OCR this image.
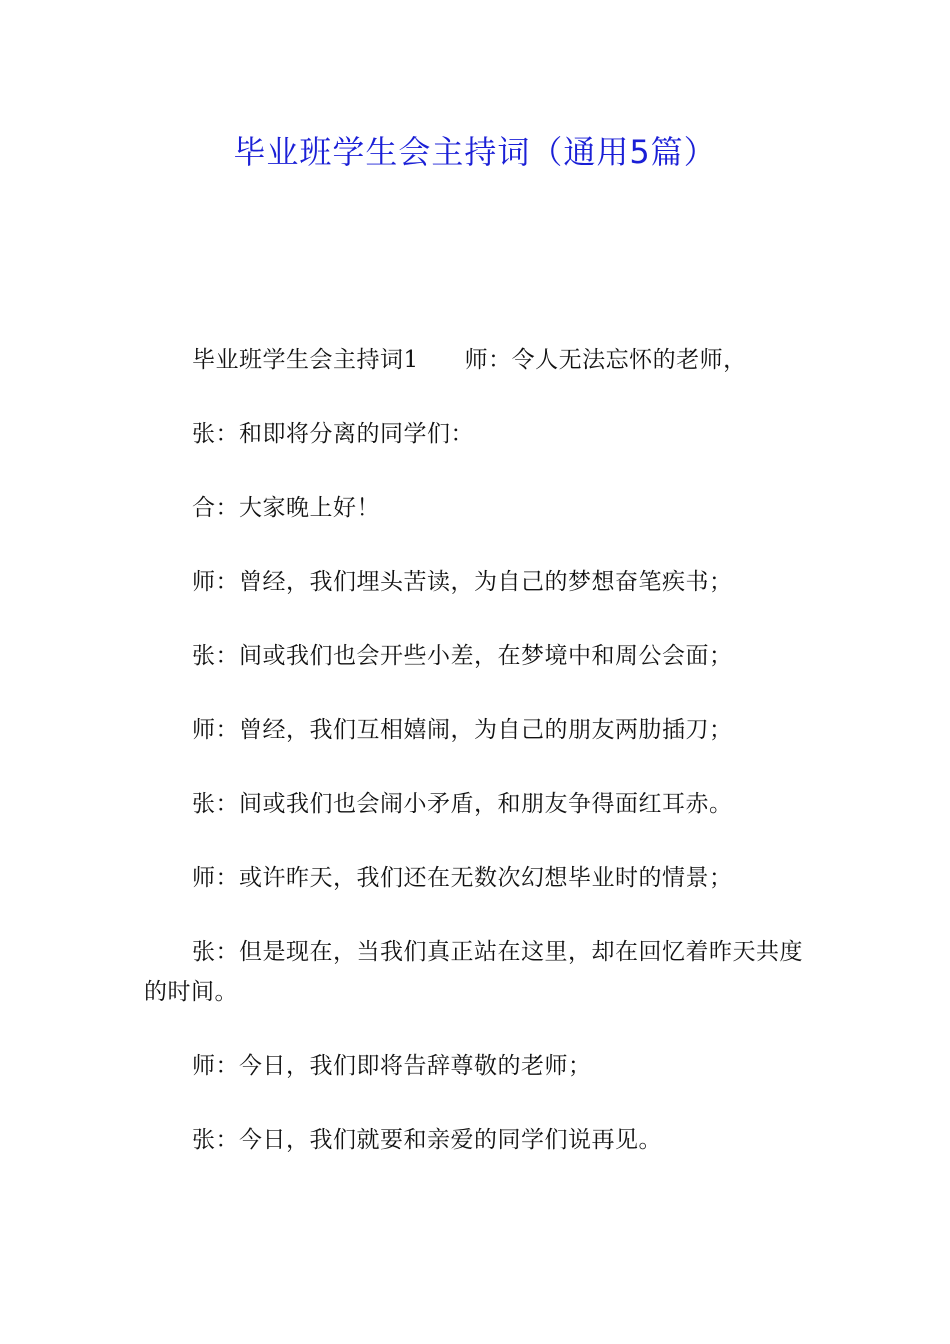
毕业班学生会主持词（通用5篇）

毕业班学生会主持词1 师：令人无法忘怀的老师，

张：和即将分离的同学们：

合：大家晚上好！

师：曾经，我们埋头苦读，为自己的梦想奋笔疾书；

张：间或我们也会开些小差，在梦境中和周公会面；

师：曾经，我们互相嬉闹，为自己的朋友两肋插刀；

张：间或我们也会闹小矛盾，和朋友争得面红耳赤。

师：或许昨天，我们还在无数次幻想毕业时的情景；

张：但是现在，当我们真正站在这里，却在回忆着昨天共度的时间。

师：今日，我们即将告辞尊敬的老师；

张：今日，我们就要和亲爱的同学们说再见。
